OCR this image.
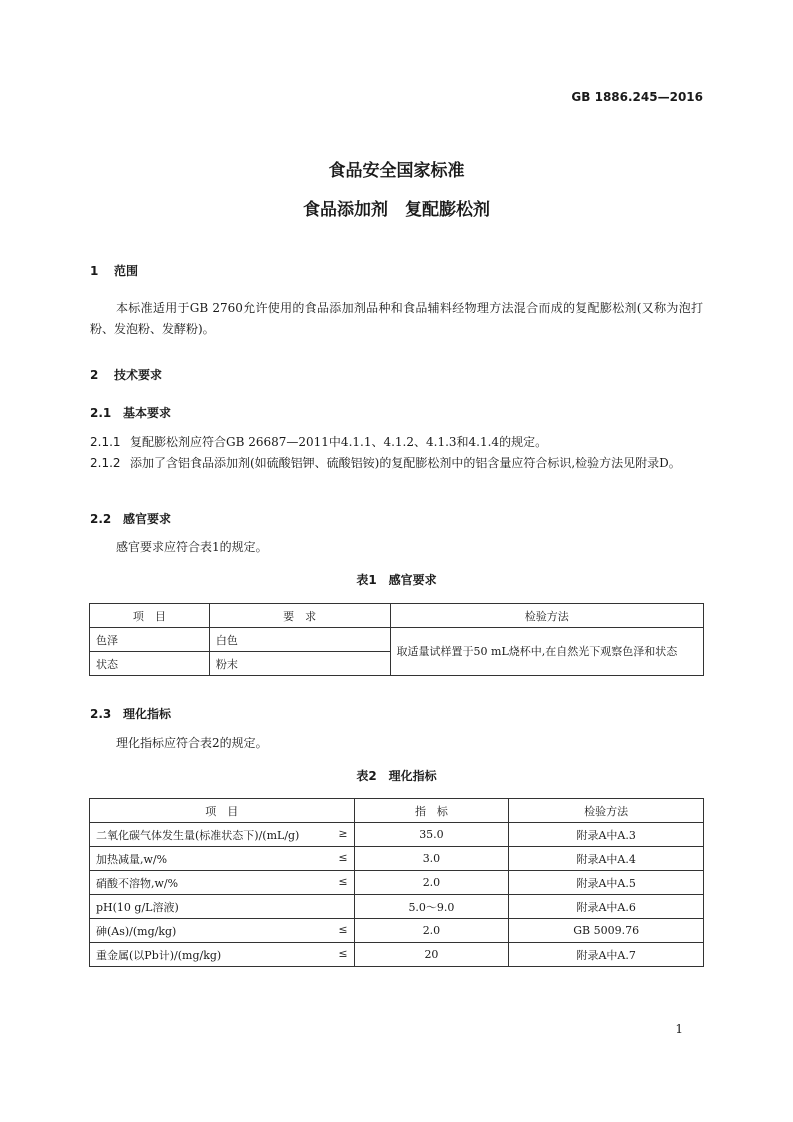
GB 1886.245—2016
食品安全国家标准
食品添加剂　复配膨松剂
1 范围
本标准适用于GB 2760允许使用的食品添加剂品种和食品辅料经物理方法混合而成的复配膨松剂(又称为泡打粉、发泡粉、发酵粉)。
2 技术要求
2.1 基本要求
2.1.1 复配膨松剂应符合GB 26687—2011中4.1.1、4.1.2、4.1.3和4.1.4的规定。
2.1.2 添加了含铝食品添加剂(如硫酸铝钾、硫酸铝铵)的复配膨松剂中的铝含量应符合标识,检验方法见附录D。
2.2 感官要求
感官要求应符合表1的规定。
表1　感官要求
项　目	要　求	检验方法
色泽	白色	取适量试样置于50 mL烧杯中,在自然光下观察色泽和状态
状态	粉末	
2.3 理化指标
理化指标应符合表2的规定。
表2　理化指标
项　目	指　标	检验方法
二氧化碳气体发生量(标准状态下)/(mL/g) ≥	35.0	附录A中A.3
加热减量,w/% ≤	3.0	附录A中A.4
硝酸不溶物,w/% ≤	2.0	附录A中A.5
pH(10 g/L溶液)	5.0～9.0	附录A中A.6
砷(As)/(mg/kg) ≤	2.0	GB 5009.76
重金属(以Pb计)/(mg/kg) ≤	20	附录A中A.7
1
